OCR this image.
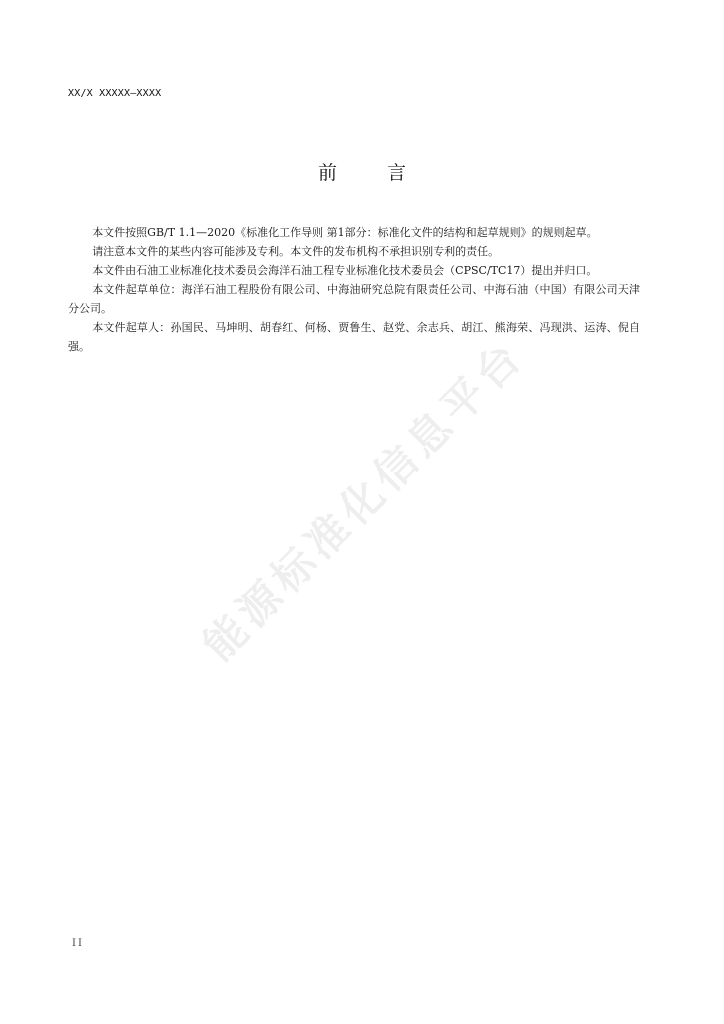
XX/X XXXXX—XXXX
前	言

本文件按照GB/T 1.1—2020《标准化工作导则 第1部分：标准化文件的结构和起草规则》的规则起草。

请注意本文件的某些内容可能涉及专利。本文件的发布机构不承担识别专利的责任。

本文件由石油工业标准化技术委员会海洋石油工程专业标准化技术委员会（CPSC/TC17）提出并归口。

本文件起草单位：海洋石油工程股份有限公司、中海油研究总院有限责任公司、中海石油（中国）有限公司天津分公司。

本文件起草人：孙国民、马坤明、胡春红、何杨、贾鲁生、赵党、余志兵、胡江、熊海荣、冯现洪、运涛、倪自强。	能源标准化信息平台
II
